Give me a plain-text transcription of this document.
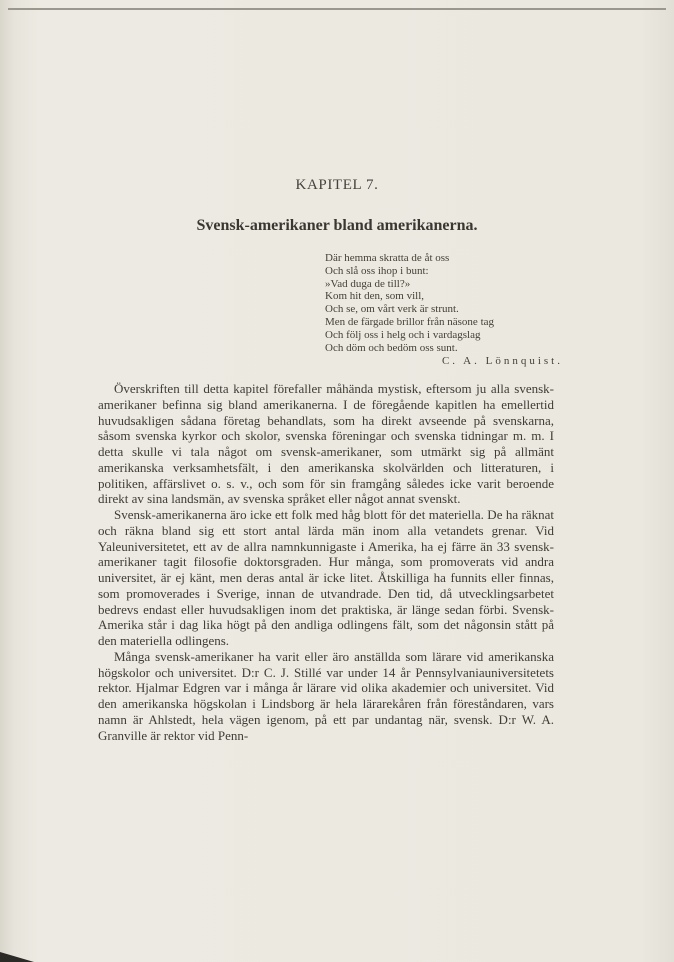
KAPITEL 7.
Svensk-amerikaner bland amerikanerna.
Där hemma skratta de åt oss
Och slå oss ihop i bunt:
»Vad duga de till?»
Kom hit den, som vill,
Och se, om vårt verk är strunt.
Men de färgade brillor från näsone tag
Och följ oss i helg och i vardagslag
Och döm och bedöm oss sunt.
C. A. Lönnquist.

Överskriften till detta kapitel förefaller måhända mystisk, eftersom ju alla svensk-amerikaner befinna sig bland amerikanerna. I de föregående kapitlen ha emellertid huvudsakligen sådana företag behandlats, som ha direkt avseende på svenskarna, såsom svenska kyrkor och skolor, svenska föreningar och svenska tidningar m. m. I detta skulle vi tala något om svensk-amerikaner, som utmärkt sig på allmänt amerikanska verksamhetsfält, i den amerikanska skolvärlden och litteraturen, i politiken, affärslivet o. s. v., och som för sin framgång således icke varit beroende direkt av sina landsmän, av svenska språket eller något annat svenskt.

Svensk-amerikanerna äro icke ett folk med håg blott för det materiella. De ha räknat och räkna bland sig ett stort antal lärda män inom alla vetandets grenar. Vid Yaleuniversitetet, ett av de allra namnkunnigaste i Amerika, ha ej färre än 33 svensk-amerikaner tagit filosofie doktorsgraden. Hur många, som promoverats vid andra universitet, är ej känt, men deras antal är icke litet. Åtskilliga ha funnits eller finnas, som promoverades i Sverige, innan de utvandrade. Den tid, då utvecklingsarbetet bedrevs endast eller huvudsakligen inom det praktiska, är länge sedan förbi. Svensk-Amerika står i dag lika högt på den andliga odlingens fält, som det någonsin stått på den materiella odlingens.

Många svensk-amerikaner ha varit eller äro anställda som lärare vid amerikanska högskolor och universitet. D:r C. J. Stillé var under 14 år Pennsylvaniauniversitetets rektor. Hjalmar Edgren var i många år lärare vid olika akademier och universitet. Vid den amerikanska högskolan i Lindsborg är hela lärarekåren från föreståndaren, vars namn är Ahlstedt, hela vägen igenom, på ett par undantag när, svensk. D:r W. A. Granville är rektor vid Penn-
